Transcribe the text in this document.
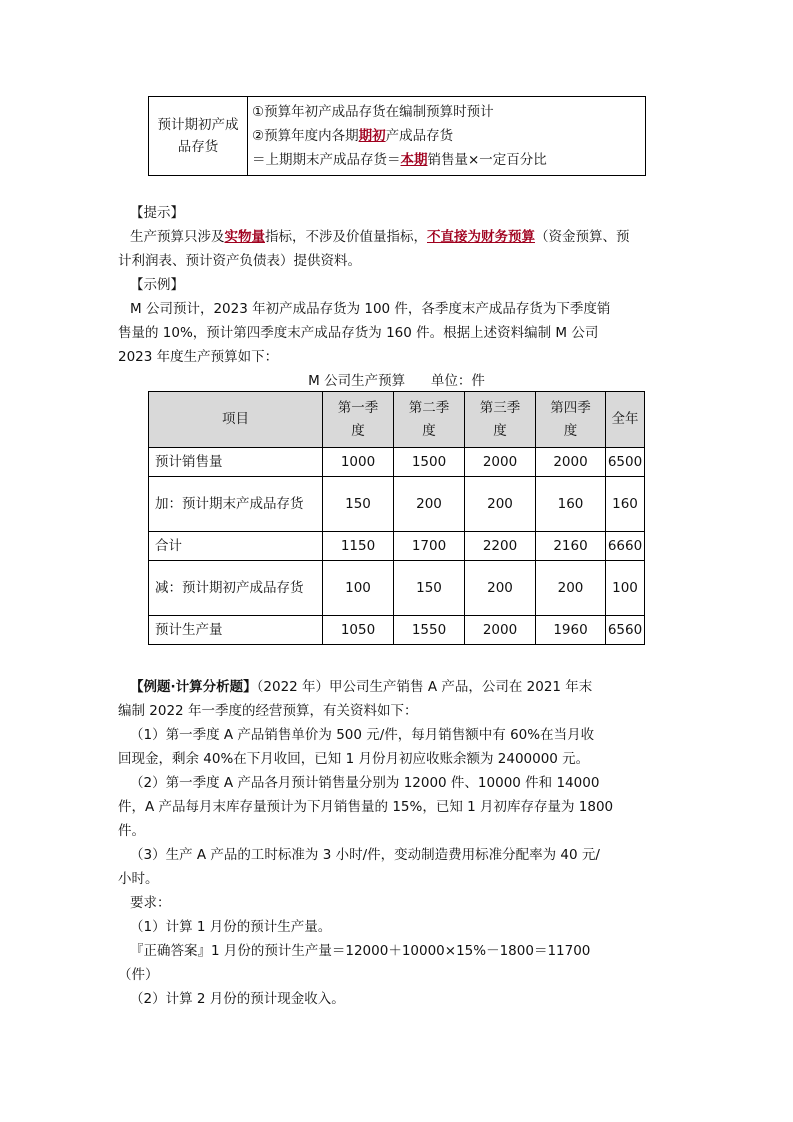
预计期初产成品存货	
①预算年初产成品存货在编制预算时预计
②预算年度内各期期初产成品存货
＝上期期末产成品存货＝本期销售量×一定百分比
【提示】
生产预算只涉及实物量指标，不涉及价值量指标，不直接为财务预算（资金预算、预
计利润表、预计资产负债表）提供资料。
【示例】
M 公司预计，2023 年初产成品存货为 100 件，各季度末产成品存货为下季度销
售量的 10%，预计第四季度末产成品存货为 160 件。根据上述资料编制 M 公司
2023 年度生产预算如下：
M 公司生产预算      单位：件
项目	第一季度	第二季度	第三季度	第四季度	全年
预计销售量	1000	1500	2000	2000	6500
加：预计期末产成品存货	150	200	200	160	160
合计	1150	1700	2200	2160	6660
减：预计期初产成品存货	100	150	200	200	100
预计生产量	1050	1550	2000	1960	6560
【例题·计算分析题】（2022 年）甲公司生产销售 A 产品，公司在 2021 年末
编制 2022 年一季度的经营预算，有关资料如下：
（1）第一季度 A 产品销售单价为 500 元/件，每月销售额中有 60%在当月收
回现金，剩余 40%在下月收回，已知 1 月份月初应收账余额为 2400000 元。
（2）第一季度 A 产品各月预计销售量分别为 12000 件、10000 件和 14000
件，A 产品每月末库存量预计为下月销售量的 15%，已知 1 月初库存存量为 1800
件。
（3）生产 A 产品的工时标准为 3 小时/件，变动制造费用标准分配率为 40 元/
小时。
要求：
（1）计算 1 月份的预计生产量。
『正确答案』1 月份的预计生产量＝12000＋10000×15%－1800＝11700
（件）
（2）计算 2 月份的预计现金收入。
